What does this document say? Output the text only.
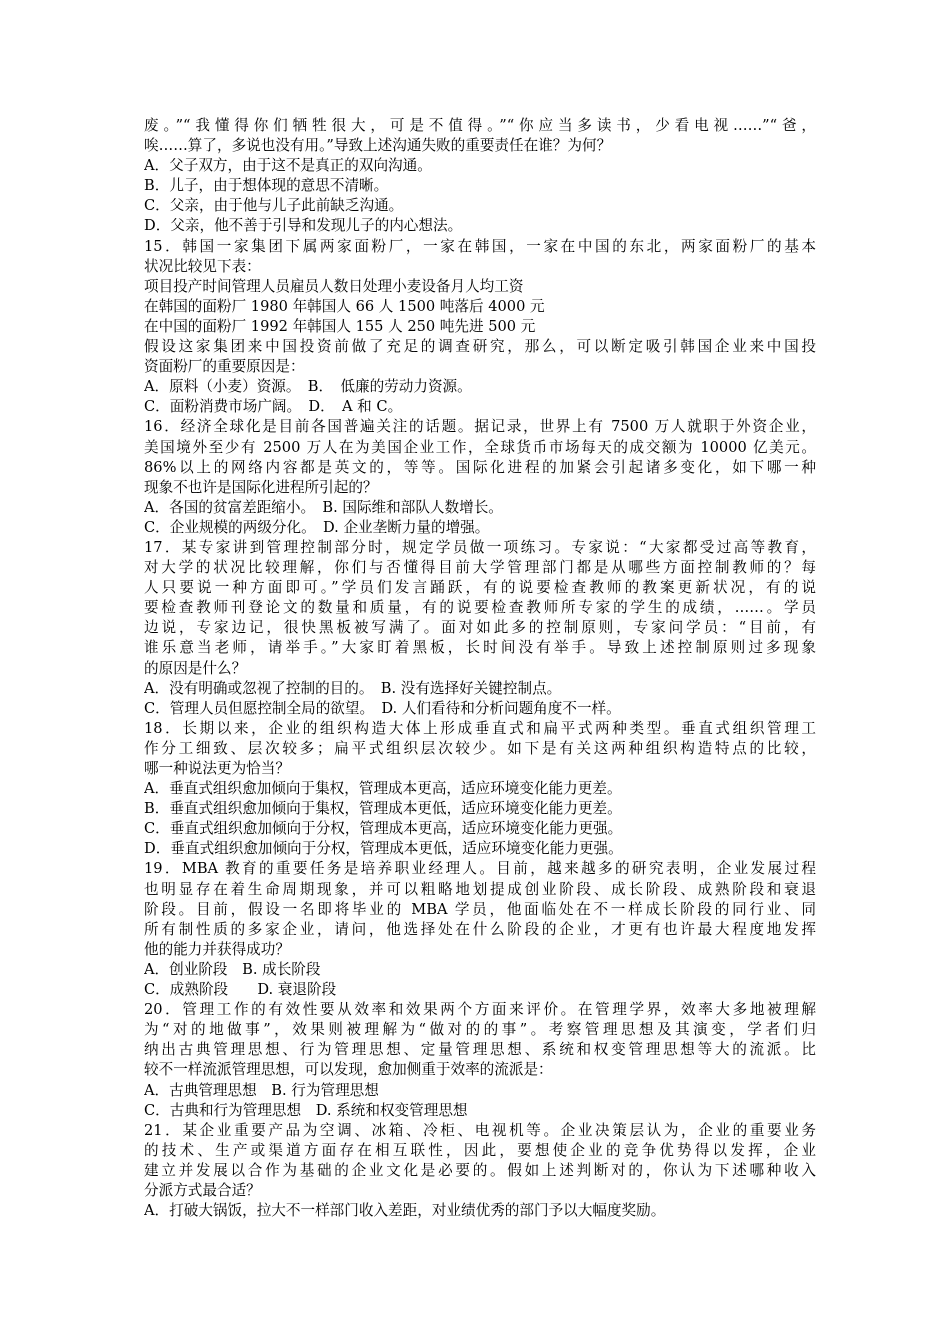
废。”“我懂得你们牺牲很大，可是不值得。”“你应当多读书，少看电视……”“爸，
唉……算了，多说也没有用。”导致上述沟通失败的重要责任在谁？为何？
A．父子双方，由于这不是真正的双向沟通。
B．儿子，由于想体现的意思不清晰。
C．父亲，由于他与儿子此前缺乏沟通。
D．父亲，他不善于引导和发现儿子的内心想法。
15．韩国一家集团下属两家面粉厂，一家在韩国，一家在中国的东北，两家面粉厂的基本
状况比较见下表：
项目投产时间管理人员雇员人数日处理小麦设备月人均工资
在韩国的面粉厂 1980 年韩国人 66 人 1500 吨落后 4000 元
在中国的面粉厂 1992 年韩国人 155 人 250 吨先进 500 元
假设这家集团来中国投资前做了充足的调查研究，那么，可以断定吸引韩国企业来中国投
资面粉厂的重要原因是：
A．原料（小麦）资源。　B．　低廉的劳动力资源。
C．面粉消费市场广阔。　D．　A 和 C。
16．经济全球化是目前各国普遍关注的话题。据记录，世界上有 7500 万人就职于外资企业，
美国境外至少有 2500 万人在为美国企业工作，全球货币市场每天的成交额为 10000 亿美元。
86%以上的网络内容都是英文的，等等。国际化进程的加紧会引起诸多变化，如下哪一种
现象不也许是国际化进程所引起的？
A．各国的贫富差距缩小。　B. 国际维和部队人数增长。
C．企业规模的两级分化。　D. 企业垄断力量的增强。
17．某专家讲到管理控制部分时，规定学员做一项练习。专家说：“大家都受过高等教育，
对大学的状况比较理解，你们与否懂得目前大学管理部门都是从哪些方面控制教师的？每
人只要说一种方面即可。”学员们发言踊跃，有的说要检查教师的教案更新状况，有的说
要检查教师刊登论文的数量和质量，有的说要检查教师所专家的学生的成绩，……。学员
边说，专家边记，很快黑板被写满了。面对如此多的控制原则，专家问学员：“目前，有
谁乐意当老师，请举手。”大家盯着黑板，长时间没有举手。导致上述控制原则过多现象
的原因是什么？
A．没有明确或忽视了控制的目的。　B. 没有选择好关键控制点。
C．管理人员但愿控制全局的欲望。　D. 人们看待和分析问题角度不一样。
18．长期以来，企业的组织构造大体上形成垂直式和扁平式两种类型。垂直式组织管理工
作分工细致、层次较多；扁平式组织层次较少。如下是有关这两种组织构造特点的比较，
哪一种说法更为恰当？
A．垂直式组织愈加倾向于集权，管理成本更高，适应环境变化能力更差。
B．垂直式组织愈加倾向于集权，管理成本更低，适应环境变化能力更差。
C．垂直式组织愈加倾向于分权，管理成本更高，适应环境变化能力更强。
D．垂直式组织愈加倾向于分权，管理成本更低，适应环境变化能力更强。
19．MBA 教育的重要任务是培养职业经理人。目前，越来越多的研究表明，企业发展过程
也明显存在着生命周期现象，并可以粗略地划提成创业阶段、成长阶段、成熟阶段和衰退
阶段。目前，假设一名即将毕业的 MBA 学员，他面临处在不一样成长阶段的同行业、同
所有制性质的多家企业，请问，他选择处在什么阶段的企业，才更有也许最大程度地发挥
他的能力并获得成功？
A．创业阶段　B. 成长阶段
C．成熟阶段　　D. 衰退阶段
20．管理工作的有效性要从效率和效果两个方面来评价。在管理学界，效率大多地被理解
为“对的地做事”，效果则被理解为“做对的的事”。考察管理思想及其演变，学者们归
纳出古典管理思想、行为管理思想、定量管理思想、系统和权变管理思想等大的流派。比
较不一样流派管理思想，可以发现，愈加侧重于效率的流派是：
A．古典管理思想　B. 行为管理思想
C．古典和行为管理思想　D. 系统和权变管理思想
21．某企业重要产品为空调、冰箱、冷柜、电视机等。企业决策层认为，企业的重要业务
的技术、生产或渠道方面存在相互联性，因此，要想使企业的竞争优势得以发挥，企业
建立并发展以合作为基础的企业文化是必要的。假如上述判断对的，你认为下述哪种收入
分派方式最合适？
A．打破大锅饭，拉大不一样部门收入差距，对业绩优秀的部门予以大幅度奖励。
